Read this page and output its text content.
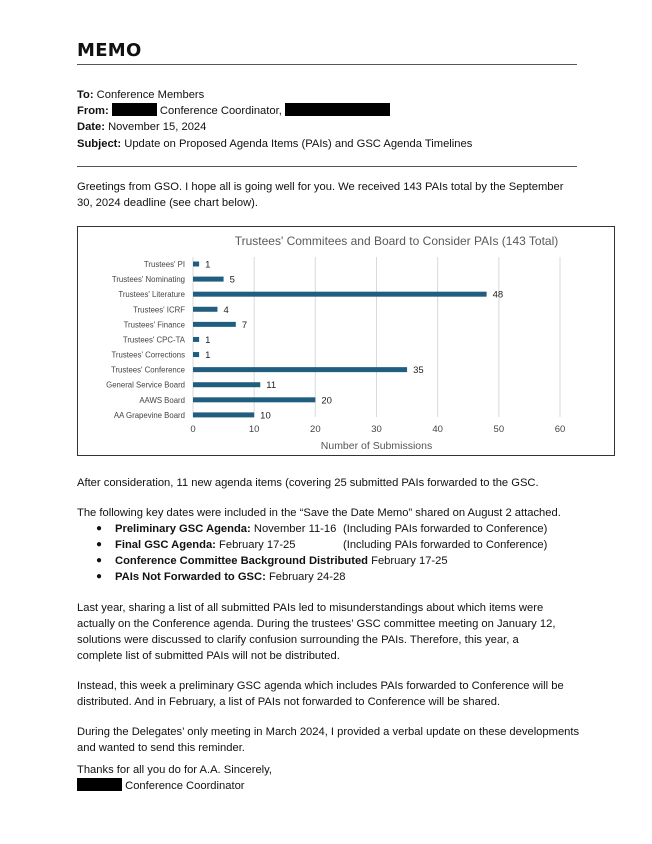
MEMO
To: Conference Members
From:	Conference Coordinator,
Date: November 15, 2024
Subject: Update on Proposed Agenda Items (PAIs) and GSC Agenda Timelines
Greetings from GSO. I hope all is going well for you. We received 143 PAIs total by the September
30, 2024 deadline (see chart below).
Trustees' Commitees and Board to Consider PAIs (143 Total)
0	10	20	30	40	50	60
Number of Submissions
Trustees' PI 1
Trustees' Nominating	5
Trustees' Literature	48
Trustees' ICRF	4
Trustees' Finance	7
Trustees' CPC-TA 1
Trustees' Corrections 1
Trustees' Conference	35
General Service Board	11
AAWS Board	20
AA Grapevine Board	10
After consideration, 11 new agenda items (covering 25 submitted PAIs forwarded to the GSC.
The following key dates were included in the “Save the Date Memo” shared on August 2 attached.
● Preliminary GSC Agenda: November 11-16 (Including PAIs forwarded to Conference)
● Final GSC Agenda: February 17-25	(Including PAIs forwarded to Conference)
● Conference Committee Background Distributed February 17-25
● PAIs Not Forwarded to GSC: February 24-28
Last year, sharing a list of all submitted PAIs led to misunderstandings about which items were
actually on the Conference agenda. During the trustees’ GSC committee meeting on January 12,
solutions were discussed to clarify confusion surrounding the PAIs. Therefore, this year, a
complete list of submitted PAIs will not be distributed.
Instead, this week a preliminary GSC agenda which includes PAIs forwarded to Conference will be
distributed. And in February, a list of PAIs not forwarded to Conference will be shared.
During the Delegates’ only meeting in March 2024, I provided a verbal update on these developments
and wanted to send this reminder.
Thanks for all you do for A.A. Sincerely,
Conference Coordinator
